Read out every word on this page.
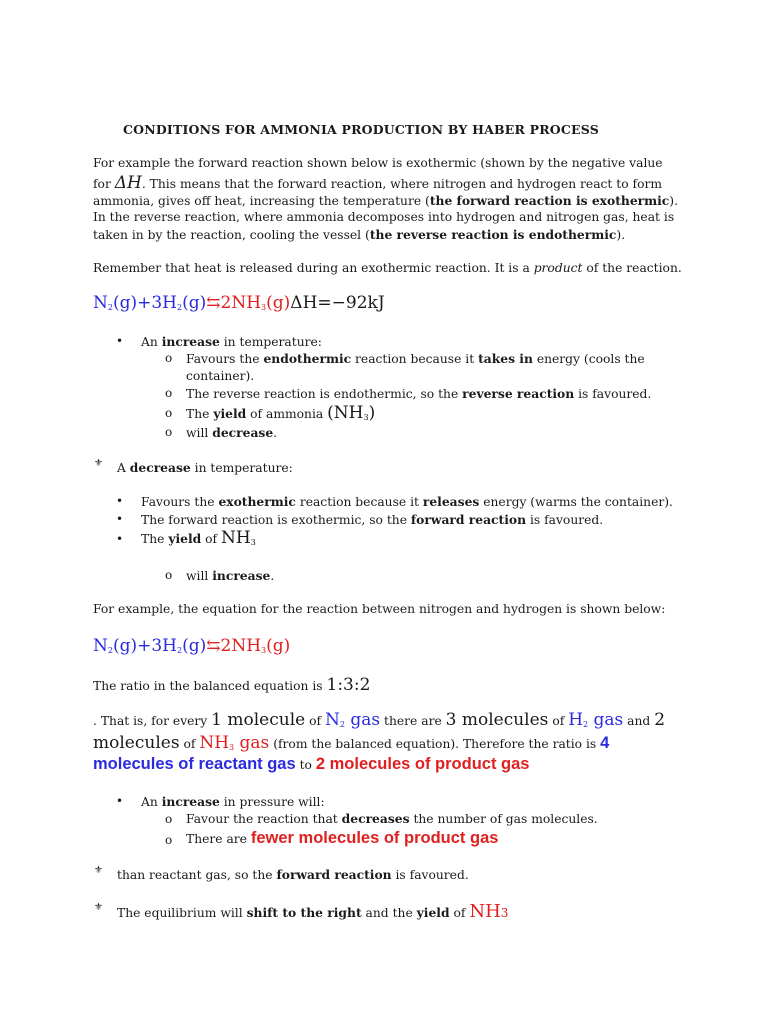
CONDITIONS FOR AMMONIA PRODUCTION BY HABER PROCESS
For example the forward reaction shown below is exothermic (shown by the negative value
for ΔH. This means that the forward reaction, where nitrogen and hydrogen react to form
ammonia, gives off heat, increasing the temperature (the forward reaction is exothermic).
In the reverse reaction, where ammonia decomposes into hydrogen and nitrogen gas, heat is
taken in by the reaction, cooling the vessel (the reverse reaction is endothermic).
Remember that heat is released during an exothermic reaction. It is a product of the reaction.
$N_2(g)+3H_2(g)⇆2NH_3(g)\Delta H=-92kJ$
• An increase in temperature:
o Favours the endothermic reaction because it takes in energy (cools the
container).
o The reverse reaction is endothermic, so the reverse reaction is favoured.
o The yield of ammonia $(NH_3)$
o will decrease.
⚜ A decrease in temperature:
• Favours the exothermic reaction because it releases energy (warms the container).
• The forward reaction is exothermic, so the forward reaction is favoured.
• The yield of $NH_3$
o will increase.
For example, the equation for the reaction between nitrogen and hydrogen is shown below:
$N_2(g)+3H_2(g)⇆2NH_3(g)$
The ratio in the balanced equation is 1:3:2
. That is, for every 1 molecule of $N_2$ gas there are 3 molecules of $H_2$ gas and 2
molecules of $NH_3$ gas (from the balanced equation). Therefore the ratio is 4
molecules of reactant gas to 2 molecules of product gas
• An increase in pressure will:
o Favour the reaction that decreases the number of gas molecules.
o There are fewer molecules of product gas
⚜ than reactant gas, so the forward reaction is favoured.
⚜ The equilibrium will shift to the right and the yield of NH3
